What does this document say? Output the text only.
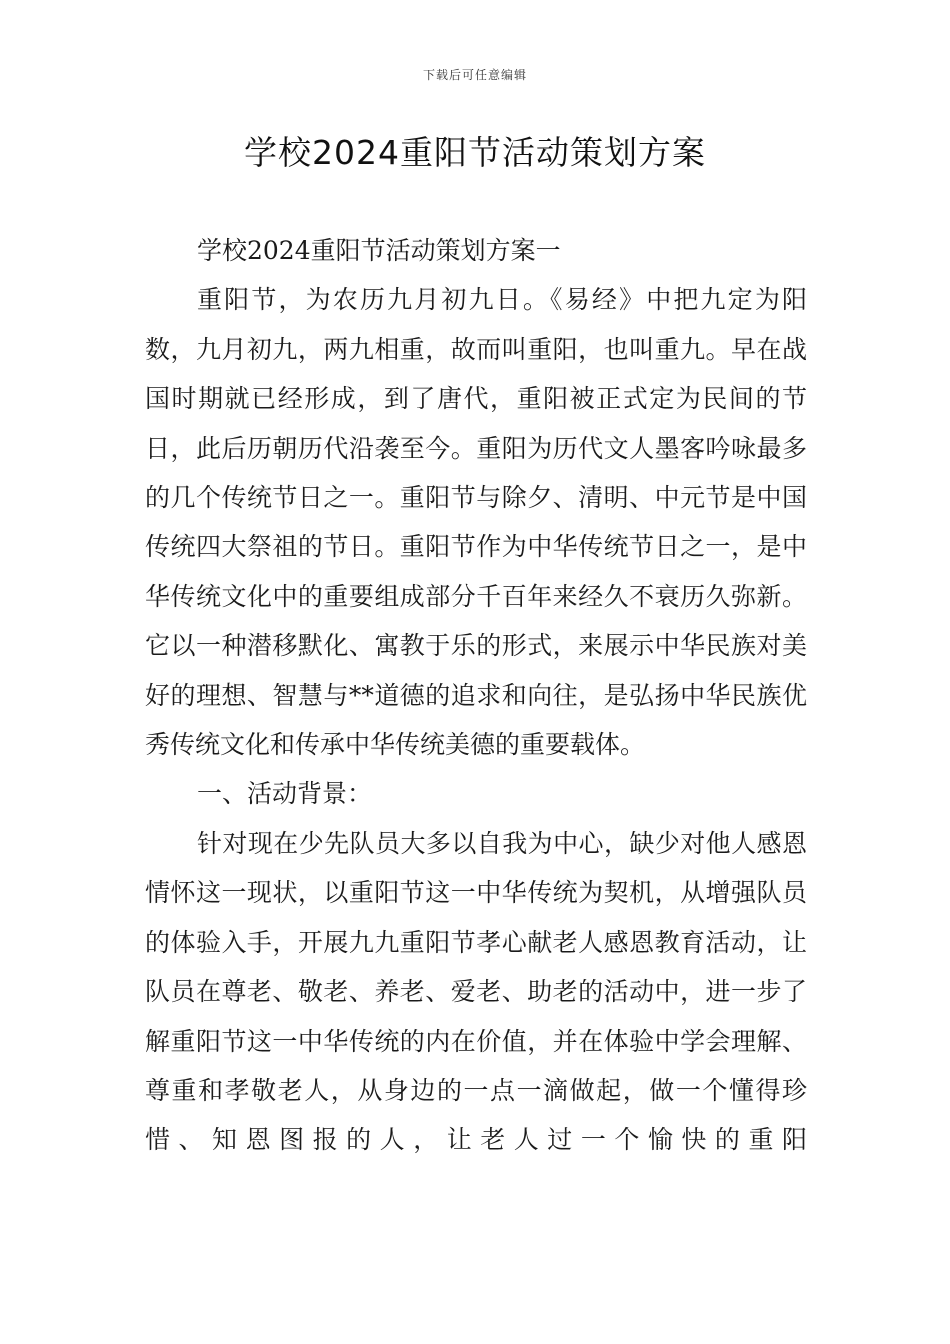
下载后可任意编辑
学校2024重阳节活动策划方案

学校2024重阳节活动策划方案一

重阳节，为农历九月初九日。《易经》中把九定为阳数，九月初九，两九相重，故而叫重阳，也叫重九。早在战国时期就已经形成，到了唐代，重阳被正式定为民间的节日，此后历朝历代沿袭至今。重阳为历代文人墨客吟咏最多的几个传统节日之一。重阳节与除夕、清明、中元节是中国传统四大祭祖的节日。重阳节作为中华传统节日之一，是中华传统文化中的重要组成部分千百年来经久不衰历久弥新。它以一种潜移默化、寓教于乐的形式，来展示中华民族对美好的理想、智慧与**道德的追求和向往，是弘扬中华民族优秀传统文化和传承中华传统美德的重要载体。

一、活动背景：

针对现在少先队员大多以自我为中心，缺少对他人感恩情怀这一现状，以重阳节这一中华传统为契机，从增强队员的体验入手，开展九九重阳节孝心献老人感恩教育活动，让队员在尊老、敬老、养老、爱老、助老的活动中，进一步了解重阳节这一中华传统的内在价值，并在体验中学会理解、尊重和孝敬老人，从身边的一点一滴做起，做一个懂得珍惜、知恩图报的人，让老人过一个愉快的重阳
